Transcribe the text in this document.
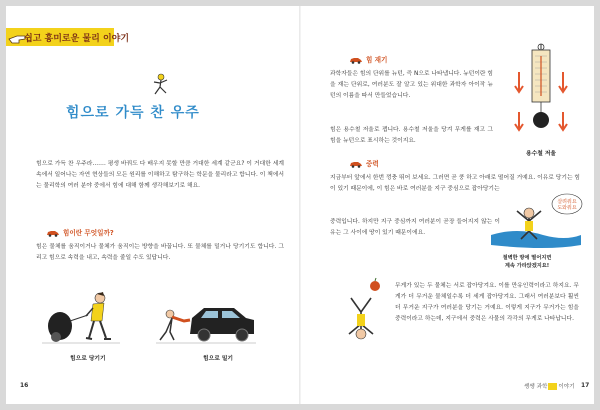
쉽고 흥미로운 물리 이야기
힘으로 가득 찬 우주

힘으로 가득 찬 우주라……. 평생 바꿔도 다 배우지 못할 만큼 거대한 세계 같군요? 이 거대한 세계 속에서 일어나는 자연 현상들의 모든 원리를 이해하고 탐구하는 학문을 물리라고 합니다. 이 책에서는 물리학의 여러 분야 중에서 힘에 대해 함께 생각해보기로 해요.

힘이란 무엇일까?

힘은 물체를 움직이거나 물체가 움직이는 방향을 바꿉니다. 또 물체를 밀거나 당기기도 합니다. 그리고 힘으로 속력을 내고, 속력을 줄일 수도 있답니다.

힘으로 당기기	힘으로 밀기
16
힘 재기

과학자들은 힘의 단위를 뉴턴, 즉 N으로 나타냅니다. 뉴턴이란 힘을 재는 단위로, 여러분도 잘 알고 있는 위대한 과학자 아이작 뉴턴의 이름을 따서 만들었습니다.

힘은 용수철 저울로 잽니다. 용수철 저울을 당겨 무게를 재고 그 힘을 뉴턴으로 표시하는 것이지요.

용수철 저울
중력

지금부터 앞에서 한번 껑충 뛰어 보세요. 그러면 곧 쿵 하고 아래로 떨어질 거예요. 이유로 당기는 힘이 있기 때문이에, 이 힘은 바로 여러분을 지구 중심으로 잡아당기는

중력입니다. 하지만 지구 중심까지 여러분이 곧장 들어지지 않는 이유는 그 사이에 땅이 있기 때문이에요.

살려줘요 도와줘요
절벽한 땅에 떨어지면
계속 가라앉겠지요!

무게가 있는 두 물체는 서로 잡아당겨요. 이를 만유인력이라고 하지요. 무게가 더 무거운 물체일수록 더 세게 잡아당겨요. 그래서 여러분보다 훨씬 더 무거운 지구가 여러분을 당기는 거예요. 이렇게 지구가 무거가는 힘을 중력이라고 하는데, 지구에서 중력은 사물의 각각의 무게로 나타납니다.

쌩쌩 과학 이야기 17
